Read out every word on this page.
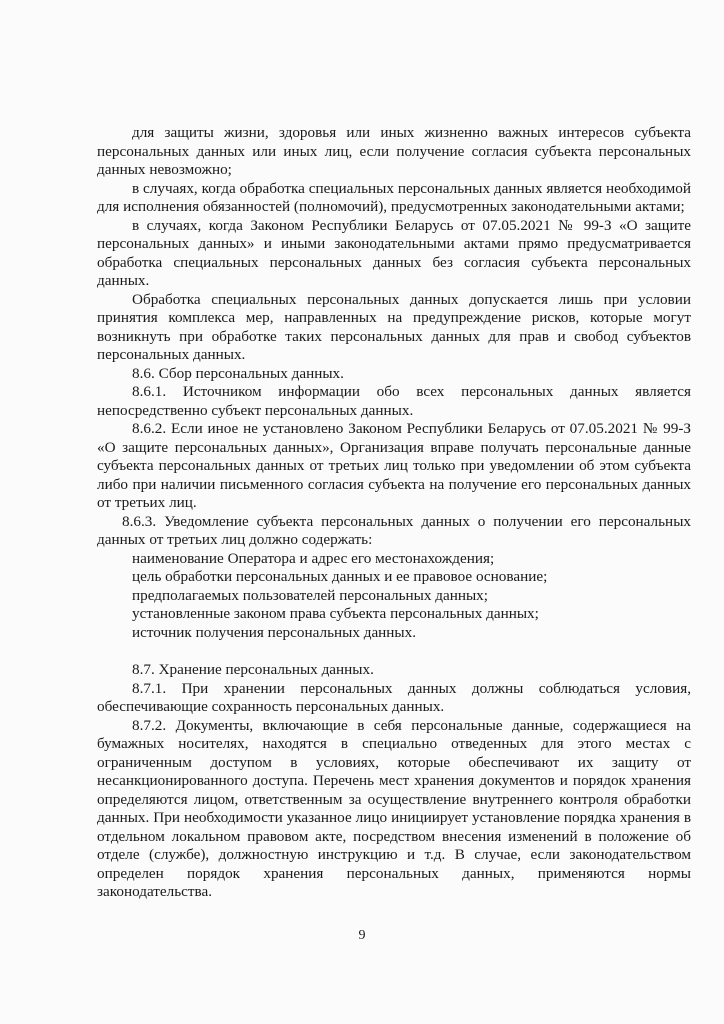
для защиты жизни, здоровья или иных жизненно важных интересов субъекта персональных данных или иных лиц, если получение согласия субъекта персональных данных невозможно;

в случаях, когда обработка специальных персональных данных является необходимой для исполнения обязанностей (полномочий), предусмотренных законодательными актами;

в случаях, когда Законом Республики Беларусь от 07.05.2021 № 99-З «О защите персональных данных» и иными законодательными актами прямо предусматривается обработка специальных персональных данных без согласия субъекта персональных данных.

Обработка специальных персональных данных допускается лишь при условии принятия комплекса мер, направленных на предупреждение рисков, которые могут возникнуть при обработке таких персональных данных для прав и свобод субъектов персональных данных.

8.6. Сбор персональных данных.

8.6.1. Источником информации обо всех персональных данных является непосредственно субъект персональных данных.

8.6.2. Если иное не установлено Законом Республики Беларусь от 07.05.2021 № 99-З «О защите персональных данных», Организация вправе получать персональные данные субъекта персональных данных от третьих лиц только при уведомлении об этом субъекта либо при наличии письменного согласия субъекта на получение его персональных данных от третьих лиц.

8.6.3. Уведомление субъекта персональных данных о получении его персональных данных от третьих лиц должно содержать:

наименование Оператора и адрес его местонахождения;

цель обработки персональных данных и ее правовое основание;

предполагаемых пользователей персональных данных;

установленные законом права субъекта персональных данных;

источник получения персональных данных.

8.7. Хранение персональных данных.

8.7.1. При хранении персональных данных должны соблюдаться условия, обеспечивающие сохранность персональных данных.

8.7.2. Документы, включающие в себя персональные данные, содержащиеся на бумажных носителях, находятся в специально отведенных для этого местах с ограниченным доступом в условиях, которые обеспечивают их защиту от несанкционированного доступа. Перечень мест хранения документов и порядок хранения определяются лицом, ответственным за осуществление внутреннего контроля обработки данных. При необходимости указанное лицо инициирует установление порядка хранения в отдельном локальном правовом акте, посредством внесения изменений в положение об отделе (службе), должностную инструкцию и т.д. В случае, если законодательством определен порядок хранения персональных данных, применяются нормы законодательства.

9
